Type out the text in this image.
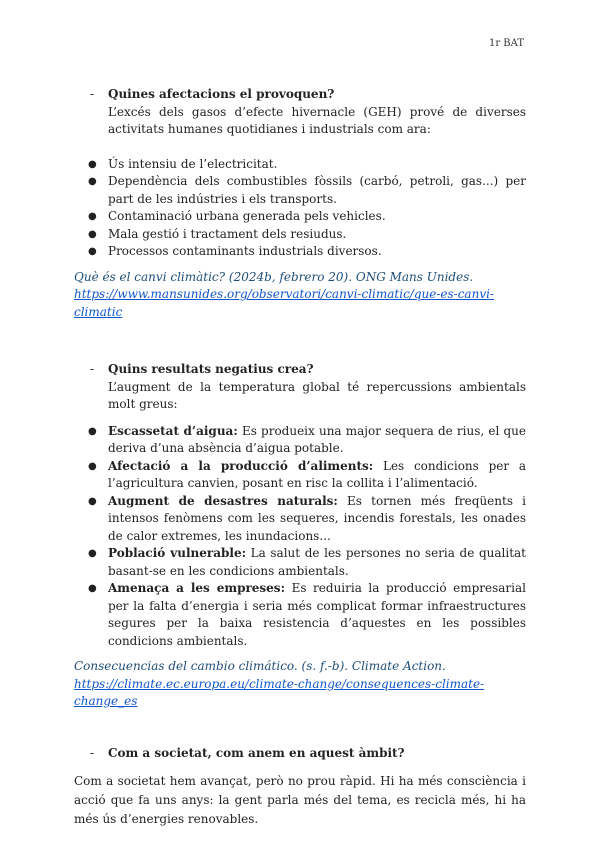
1r BAT

- Quines afectacions el provoquen?

L’excés dels gasos d’efecte hivernacle (GEH) prové de diverses activitats humanes quotidianes i industrials com ara:

● Ús intensiu de l’electricitat.
● Dependència dels combustibles fòssils (carbó, petroli, gas...) per part de les indústries i els transports.
● Contaminació urbana generada pels vehicles.
● Mala gestió i tractament dels resiudus.
● Processos contaminants industrials diversos.

Què és el canvi climàtic? (2024b, febrero 20). ONG Mans Unides.
https://www.mansunides.org/observatori/canvi-climatic/que-es-canvi-climatic

- Quins resultats negatius crea?

L’augment de la temperatura global té repercussions ambientals molt greus:

● Escassetat d’aigua: Es produeix una major sequera de rius, el que deriva d’una absència d’aigua potable.
● Afectació a la producció d’aliments: Les condicions per a l’agricultura canvien, posant en risc la collita i l’alimentació.
● Augment de desastres naturals: Es tornen més freqüents i intensos fenòmens com les sequeres, incendis forestals, les onades de calor extremes, les inundacions...
● Població vulnerable: La salut de les persones no seria de qualitat basant-se en les condicions ambientals.
● Amenaça a les empreses: Es reduiria la producció empresarial per la falta d’energia i seria més complicat formar infraestructures segures per la baixa resistencia d’aquestes en les possibles condicions ambientals.

Consecuencias del cambio climático. (s. f.-b). Climate Action.
https://climate.ec.europa.eu/climate-change/consequences-climate-change_es

- Com a societat, com anem en aquest àmbit?

Com a societat hem avançat, però no prou ràpid. Hi ha més consciència i acció que fa uns anys: la gent parla més del tema, es recicla més, hi ha més ús d’energies renovables.
